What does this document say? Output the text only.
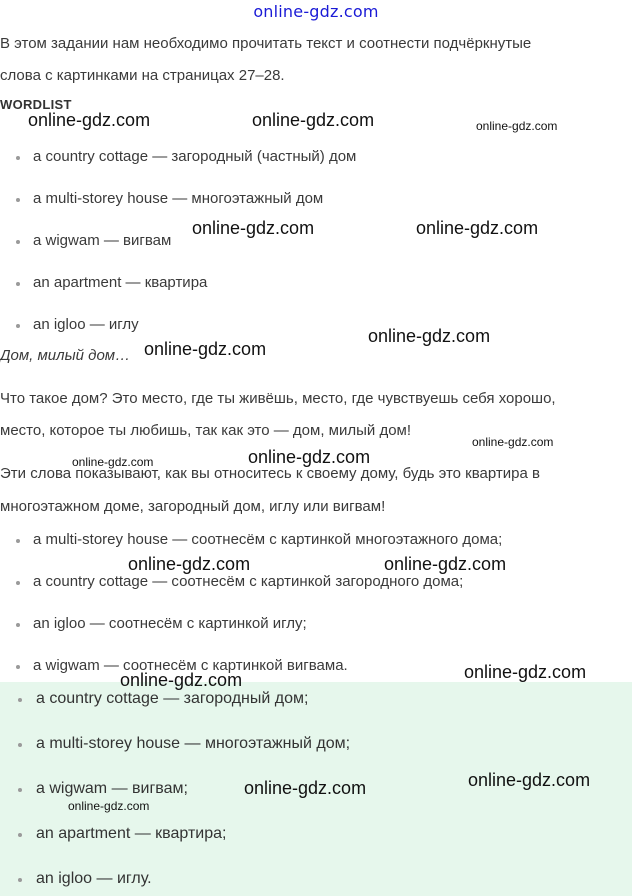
online-gdz.com
В этом задании нам необходимо прочитать текст и соотнести подчёркнутые
слова с картинками на страницах 27–28.
WORDLIST
a country cottage — загородный (частный) дом
a multi-storey house — многоэтажный дом
a wigwam — вигвам
an apartment — квартира
an igloo — иглу
Дом, милый дом…
Что такое дом? Это место, где ты живёшь, место, где чувствуешь себя хорошо,
место, которое ты любишь, так как это — дом, милый дом!
Эти слова показывают, как вы относитесь к своему дому, будь это квартира в
многоэтажном доме, загородный дом, иглу или вигвам!
a multi-storey house — соотнесём с картинкой многоэтажного дома;
a country cottage — соотнесём с картинкой загородного дома;
an igloo — соотнесём с картинкой иглу;
a wigwam — соотнесём с картинкой вигвама.
a country cottage — загородный дом;
a multi-storey house — многоэтажный дом;
a wigwam — вигвам;
an apartment — квартира;
an igloo — иглу.
online-gdz.com	online-gdz.com	online-gdz.com
online-gdz.com	online-gdz.com
online-gdz.com
online-gdz.com
online-gdz.com
online-gdz.com
online-gdz.com
online-gdz.com	online-gdz.com
online-gdz.com
online-gdz.com
online-gdz.com
online-gdz.com
online-gdz.com
